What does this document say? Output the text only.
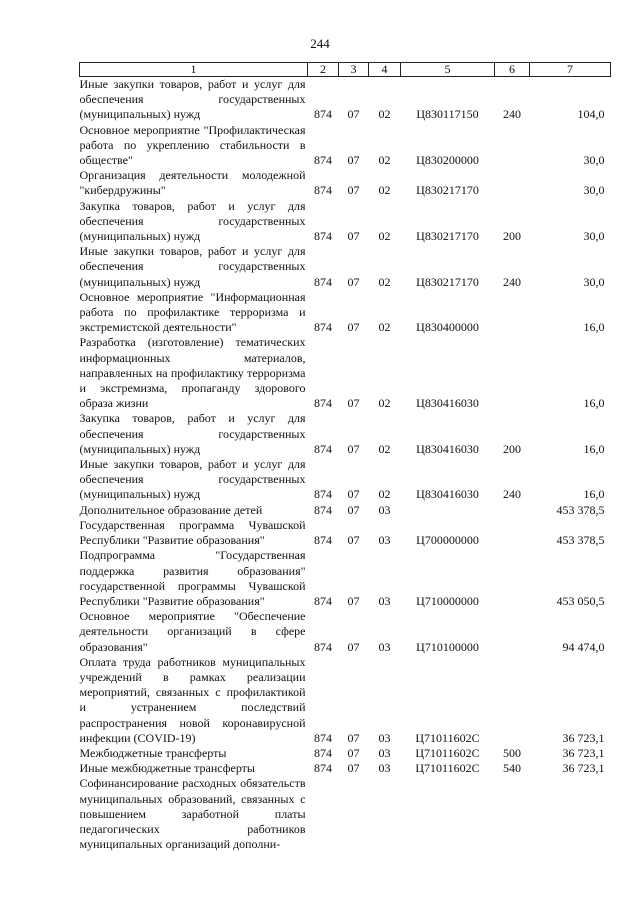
244
1	2	3	4	5	6	7
Иные закупки товаров, работ и услуг для обеспечения государственных (муниципальных) нужд	874	07	02	Ц830117150	240	104,0
Основное мероприятие "Профилактическая работа по укреплению стабильности в обществе"	874	07	02	Ц830200000		30,0
Организация деятельности молодежной "кибердружины"	874	07	02	Ц830217170		30,0
Закупка товаров, работ и услуг для обеспечения государственных (муниципальных) нужд	874	07	02	Ц830217170	200	30,0
Иные закупки товаров, работ и услуг для обеспечения государственных (муниципальных) нужд	874	07	02	Ц830217170	240	30,0
Основное мероприятие "Информационная работа по профилактике терроризма и экстремистской деятельности"	874	07	02	Ц830400000		16,0
Разработка (изготовление) тематических информационных материалов, направленных на профилактику терроризма и экстремизма, пропаганду здорового образа жизни	874	07	02	Ц830416030		16,0
Закупка товаров, работ и услуг для обеспечения государственных (муниципальных) нужд	874	07	02	Ц830416030	200	16,0
Иные закупки товаров, работ и услуг для обеспечения государственных (муниципальных) нужд	874	07	02	Ц830416030	240	16,0
Дополнительное образование детей	874	07	03			453 378,5
Государственная программа Чувашской Республики "Развитие образования"	874	07	03	Ц700000000		453 378,5
Подпрограмма "Государственная поддержка развития образования" государственной программы Чувашской Республики "Развитие образования"	874	07	03	Ц710000000		453 050,5
Основное мероприятие "Обеспечение деятельности организаций в сфере образования"	874	07	03	Ц710100000		94 474,0
Оплата труда работников муниципальных учреждений в рамках реализации мероприятий, связанных с профилактикой и устранением последствий распространения новой коронавирусной инфекции (COVID-19)	874	07	03	Ц71011602С		36 723,1
Межбюджетные трансферты	874	07	03	Ц71011602С	500	36 723,1
Иные межбюджетные трансферты	874	07	03	Ц71011602С	540	36 723,1
Софинансирование расходных обязательств муниципальных образований, связанных с повышением заработной платы педагогических работников муниципальных организаций дополни-						
